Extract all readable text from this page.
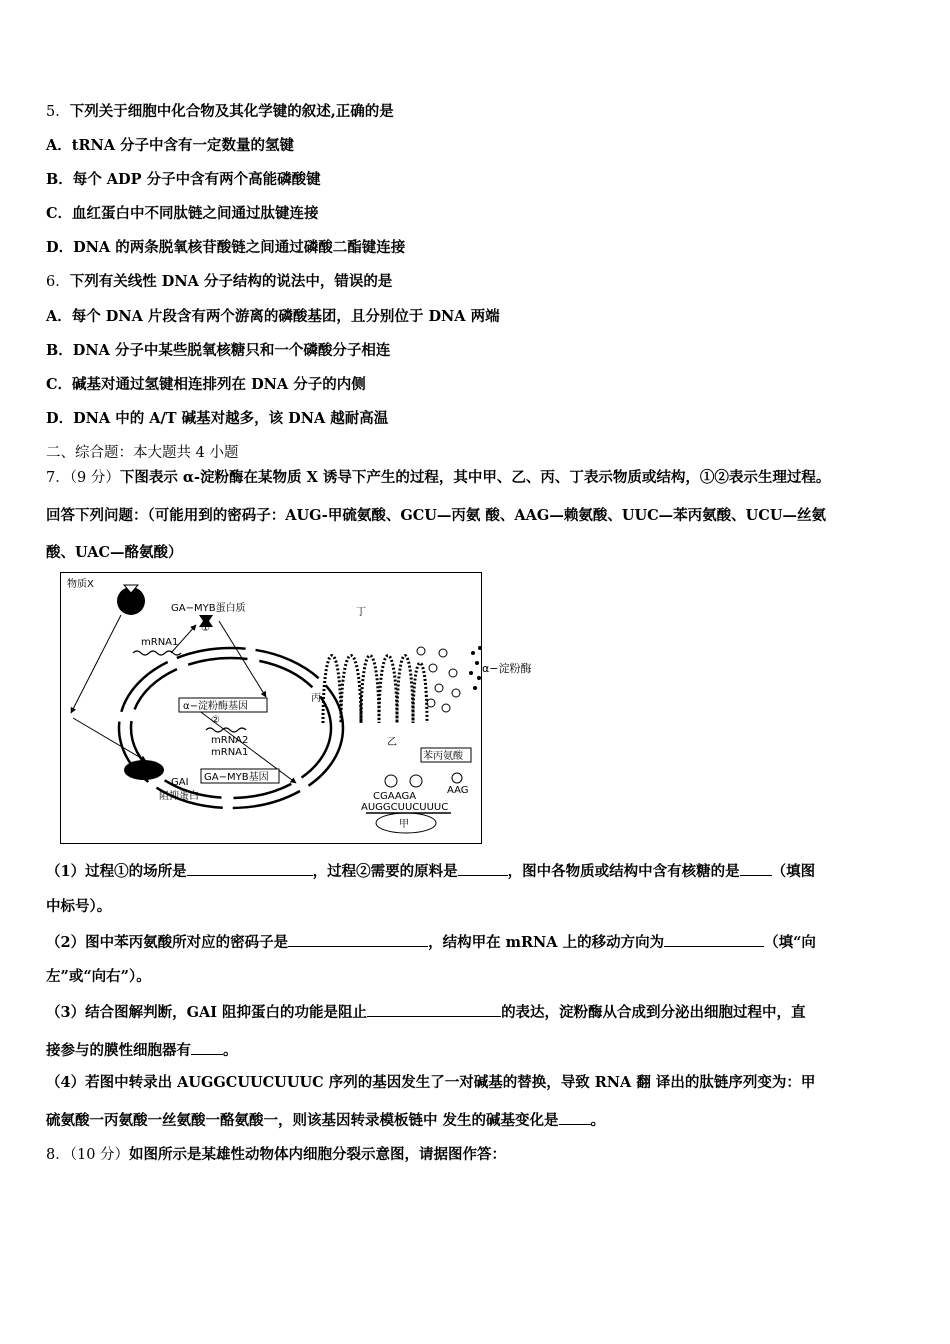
5．下列关于细胞中化合物及其化学键的叙述,正确的是
A．tRNA 分子中含有一定数量的氢键
B．每个 ADP 分子中含有两个高能磷酸键
C．血红蛋白中不同肽链之间通过肽键连接
D．DNA 的两条脱氧核苷酸链之间通过磷酸二酯键连接
6．下列有关线性 DNA 分子结构的说法中，错误的是
A．每个 DNA 片段含有两个游离的磷酸基团，且分别位于 DNA 两端
B．DNA 分子中某些脱氧核糖只和一个磷酸分子相连
C．碱基对通过氢键相连排列在 DNA 分子的内侧
D．DNA 中的 A/T 碱基对越多，该 DNA 越耐高温
二、综合题：本大题共 4 小题
7．（9 分）下图表示 α-淀粉酶在某物质 X 诱导下产生的过程，其中甲、乙、丙、丁表示物质或结构，①②表示生理过程。
回答下列问题：（可能用到的密码子：AUG-甲硫氨酸、GCU—丙氨 酸、AAG—赖氨酸、UUC—苯丙氨酸、UCU—丝氨
酸、UAC—酪氨酸）
物质X
GA−MYB蛋白质
①
mRNA1
α−淀粉酶基因
②
mRNA2
mRNA1
GA−MYB基因
GAI
阻抑蛋白
丁
丙
乙
甲
苯丙氨酸
CGAAGA
AAG
AUGGCUUCUUUC
α−淀粉酶
（1）过程①的场所是	，过程②需要的原料是	，图中各物质或结构中含有核糖的是 （填图
中标号）。
（2）图中苯丙氨酸所对应的密码子是	，结构甲在 mRNA 上的移动方向为	（填“向
左”或“向右”）。
（3）结合图解判断，GAI 阻抑蛋白的功能是阻止	的表达，淀粉酶从合成到分泌出细胞过程中，直
接参与的膜性细胞器有 。
（4）若图中转录出 AUGGCUUCUUUC 序列的基因发生了一对碱基的替换，导致 RNA 翻 译出的肽链序列变为：甲
硫氨酸一丙氨酸一丝氨酸一酪氨酸一，则该基因转录模板链中 发生的碱基变化是 。
8．（10 分）如图所示是某雄性动物体内细胞分裂示意图，请据图作答：
